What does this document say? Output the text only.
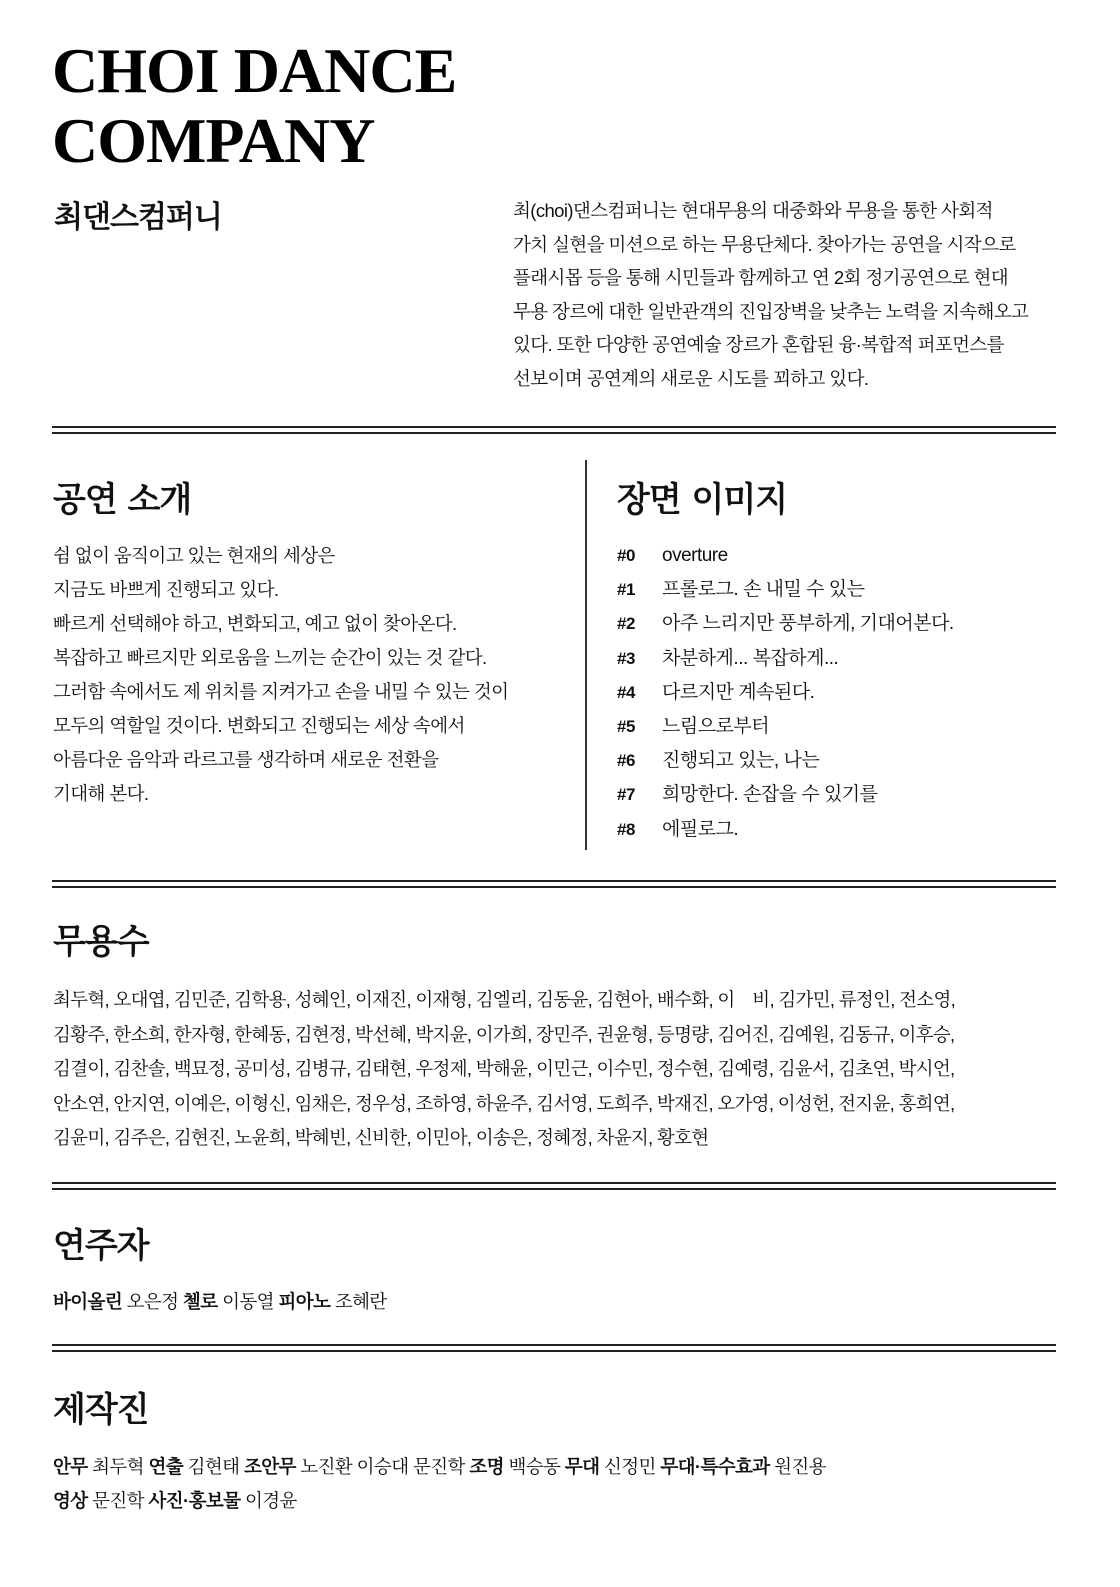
CHOI DANCE
COMPANY
최댄스컴퍼니	최(choi)댄스컴퍼니는 현대무용의 대중화와 무용을 통한 사회적
가치 실현을 미션으로 하는 무용단체다. 찾아가는 공연을 시작으로
플래시몹 등을 통해 시민들과 함께하고 연 2회 정기공연으로 현대
무용 장르에 대한 일반관객의 진입장벽을 낮추는 노력을 지속해오고
있다. 또한 다양한 공연예술 장르가 혼합된 융·복합적 퍼포먼스를
선보이며 공연계의 새로운 시도를 꾀하고 있다.
공연 소개
쉼 없이 움직이고 있는 현재의 세상은
지금도 바쁘게 진행되고 있다.
빠르게 선택해야 하고, 변화되고, 예고 없이 찾아온다.
복잡하고 빠르지만 외로움을 느끼는 순간이 있는 것 같다.
그러함 속에서도 제 위치를 지켜가고 손을 내밀 수 있는 것이
모두의 역할일 것이다. 변화되고 진행되는 세상 속에서
아름다운 음악과 라르고를 생각하며 새로운 전환을
기대해 본다.
장면 이미지
#0 overture
#1 프롤로그. 손 내밀 수 있는
#2 아주 느리지만 풍부하게, 기대어본다.
#3 차분하게... 복잡하게...
#4 다르지만 계속된다.
#5 느림으로부터
#6 진행되고 있는, 나는
#7 희망한다. 손잡을 수 있기를
#8 에필로그.
무용수
최두혁, 오대엽, 김민준, 김학용, 성혜인, 이재진, 이재형, 김엘리, 김동윤, 김현아, 배수화, 이　비, 김가민, 류정인, 전소영,
김황주, 한소희, 한자형, 한혜동, 김현정, 박선혜, 박지윤, 이가희, 장민주, 권윤형, 등명량, 김어진, 김예원, 김동규, 이후승,
김결이, 김찬솔, 백묘정, 공미성, 김병규, 김태현, 우정제, 박해윤, 이민근, 이수민, 정수현, 김예령, 김윤서, 김초연, 박시언,
안소연, 안지연, 이예은, 이형신, 임채은, 정우성, 조하영, 하윤주, 김서영, 도희주, 박재진, 오가영, 이성헌, 전지윤, 홍희연,
김윤미, 김주은, 김현진, 노윤희, 박혜빈, 신비한, 이민아, 이송은, 정혜정, 차윤지, 황호현
연주자
바이올린 오은정 첼로 이동열 피아노 조혜란
제작진
안무 최두혁 연출 김현태 조안무 노진환 이승대 문진학 조명 백승동 무대 신정민 무대·특수효과 원진용
영상 문진학 사진·홍보물 이경윤
